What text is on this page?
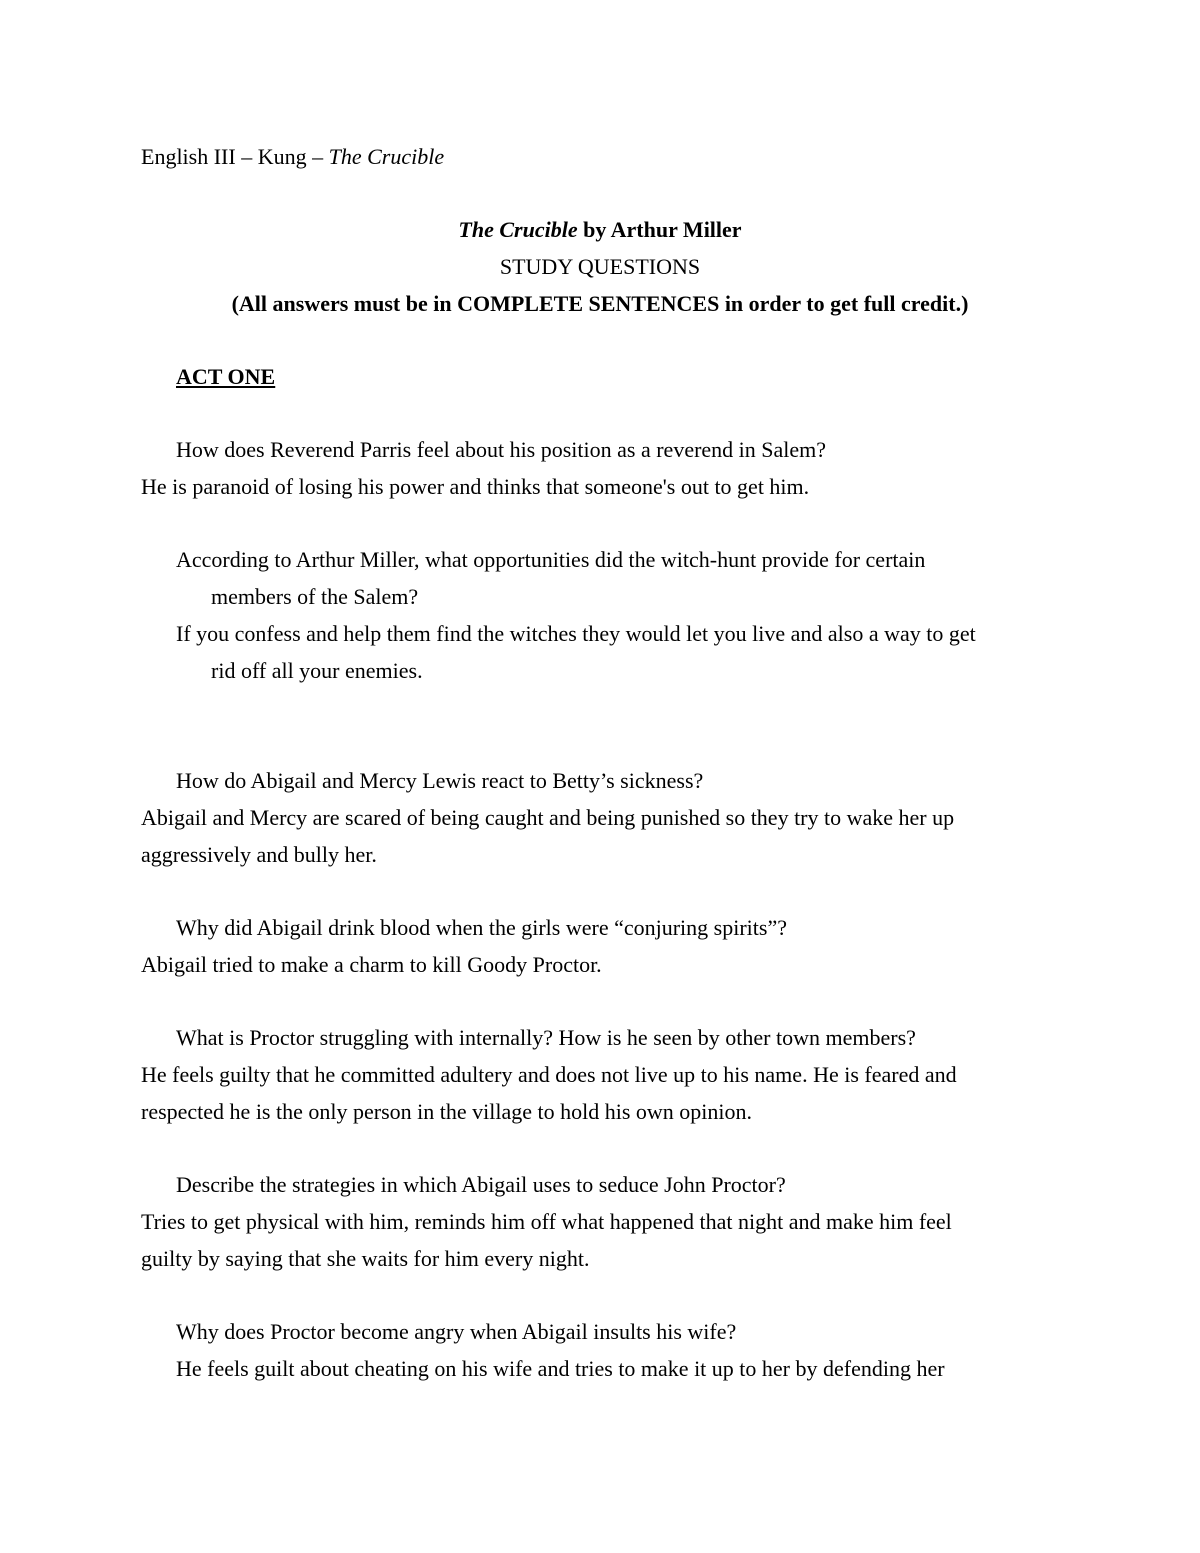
English III – Kung – The Crucible
The Crucible by Arthur Miller
STUDY QUESTIONS
(All answers must be in COMPLETE SENTENCES in order to get full credit.)
ACT ONE
How does Reverend Parris feel about his position as a reverend in Salem?
He is paranoid of losing his power and thinks that someone's out to get him.
According to Arthur Miller, what opportunities did the witch-hunt provide for certain
members of the Salem?
If you confess and help them find the witches they would let you live and also a way to get
rid off all your enemies.
How do Abigail and Mercy Lewis react to Betty’s sickness?
Abigail and Mercy are scared of being caught and being punished so they try to wake her up
aggressively and bully her.
Why did Abigail drink blood when the girls were “conjuring spirits”?
Abigail tried to make a charm to kill Goody Proctor.
What is Proctor struggling with internally? How is he seen by other town members?
He feels guilty that he committed adultery and does not live up to his name. He is feared and
respected he is the only person in the village to hold his own opinion.
Describe the strategies in which Abigail uses to seduce John Proctor?
Tries to get physical with him, reminds him off what happened that night and make him feel
guilty by saying that she waits for him every night.
Why does Proctor become angry when Abigail insults his wife?
He feels guilt about cheating on his wife and tries to make it up to her by defending her
